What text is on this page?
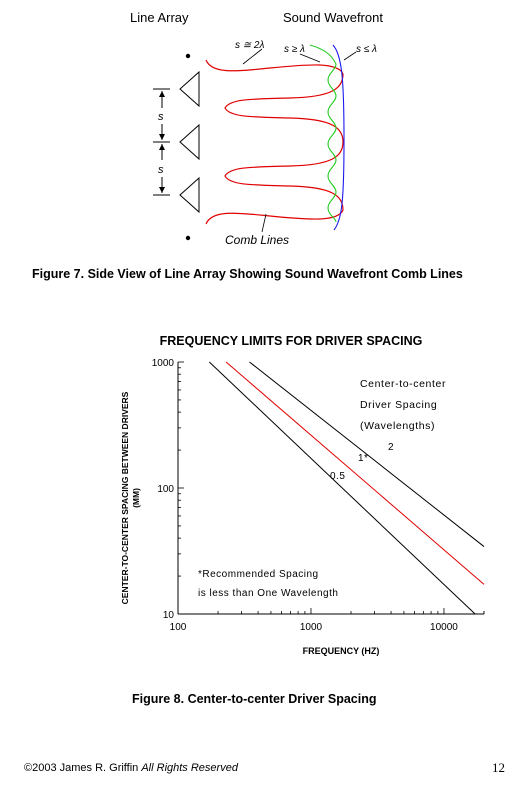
Line Array	Sound Wavefront
s
s
s ≅ 2λ s ≥ λ	s ≤ λ
Comb Lines
Figure 7. Side View of Line Array Showing Sound Wavefront Comb Lines
FREQUENCY LIMITS FOR DRIVER SPACING
100	1000	10000
1000
100
10
FREQUENCY (HZ)
CENTER-TO-CENTER SPACING BETWEEN DRIVERS(MM)
2
1*
0.5
Center-to-center
Driver Spacing
(Wavelengths)
*Recommended Spacing
is less than One Wavelength
Figure 8. Center-to-center Driver Spacing
©2003 James R. Griffin All Rights Reserved	12
